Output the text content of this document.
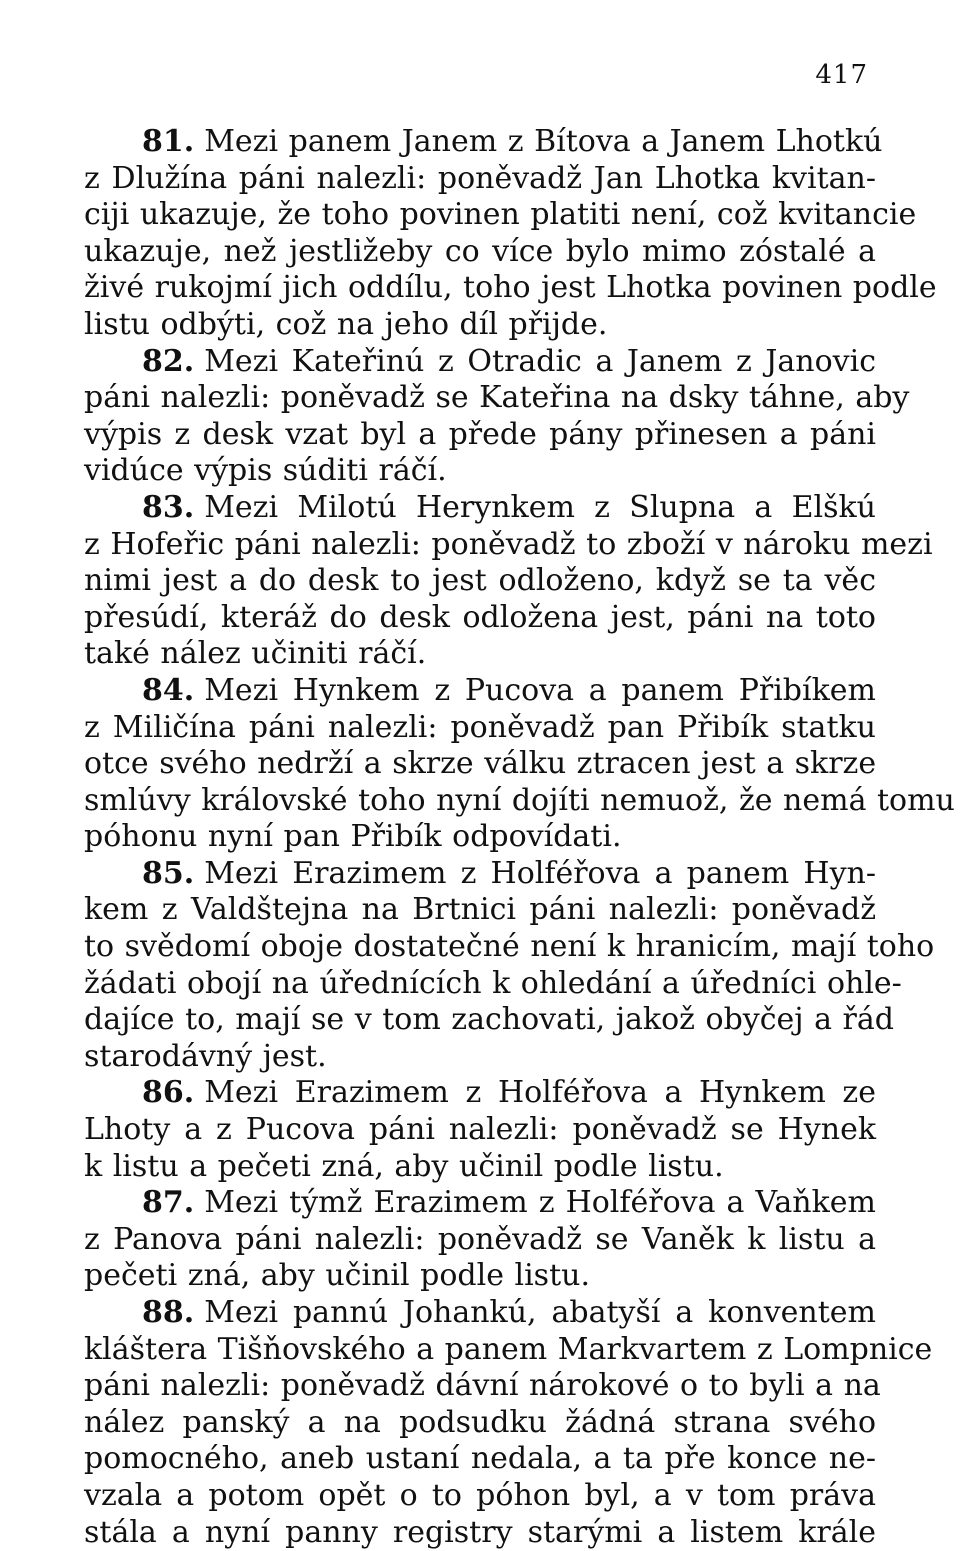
417
81. Mezi panem Janem z Bítova a Janem Lhotkú
z Dlužína páni nalezli: poněvadž Jan Lhotka kvitan-
ciji ukazuje, že toho povinen platiti není, což kvitancie
ukazuje, než jestližeby co více bylo mimo zóstalé a
živé rukojmí jich oddílu, toho jest Lhotka povinen podle
listu odbýti, což na jeho díl přijde.
82. Mezi Kateřinú z Otradic a Janem z Janovic
páni nalezli: poněvadž se Kateřina na dsky táhne, aby
výpis z desk vzat byl a přede pány přinesen a páni
vidúce výpis súditi ráčí.
83. Mezi Milotú Herynkem z Slupna a Elškú
z Hofeřic páni nalezli: poněvadž to zboží v nároku mezi
nimi jest a do desk to jest odloženo, když se ta věc
přesúdí, kteráž do desk odložena jest, páni na toto
také nález učiniti ráčí.
84. Mezi Hynkem z Pucova a panem Přibíkem
z Miličína páni nalezli: poněvadž pan Přibík statku
otce svého nedrží a skrze válku ztracen jest a skrze
smlúvy královské toho nyní dojíti nemuož, že nemá tomu
póhonu nyní pan Přibík odpovídati.
85. Mezi Erazimem z Holféřova a panem Hyn-
kem z Valdštejna na Brtnici páni nalezli: poněvadž
to svědomí oboje dostatečné není k hranicím, mají toho
žádati obojí na úřednících k ohledání a úředníci ohle-
dajíce to, mají se v tom zachovati, jakož obyčej a řád
starodávný jest.
86. Mezi Erazimem z Holféřova a Hynkem ze
Lhoty a z Pucova páni nalezli: poněvadž se Hynek
k listu a pečeti zná, aby učinil podle listu.
87. Mezi týmž Erazimem z Holféřova a Vaňkem
z Panova páni nalezli: poněvadž se Vaněk k listu a
pečeti zná, aby učinil podle listu.
88. Mezi pannú Johankú, abatyší a konventem
kláštera Tišňovského a panem Markvartem z Lompnice
páni nalezli: poněvadž dávní nárokové o to byli a na
nález panský a na podsudku žádná strana svého
pomocného, aneb ustaní nedala, a ta pře konce ne-
vzala a potom opět o to póhon byl, a v tom práva
stála a nyní panny registry starými a listem krále
